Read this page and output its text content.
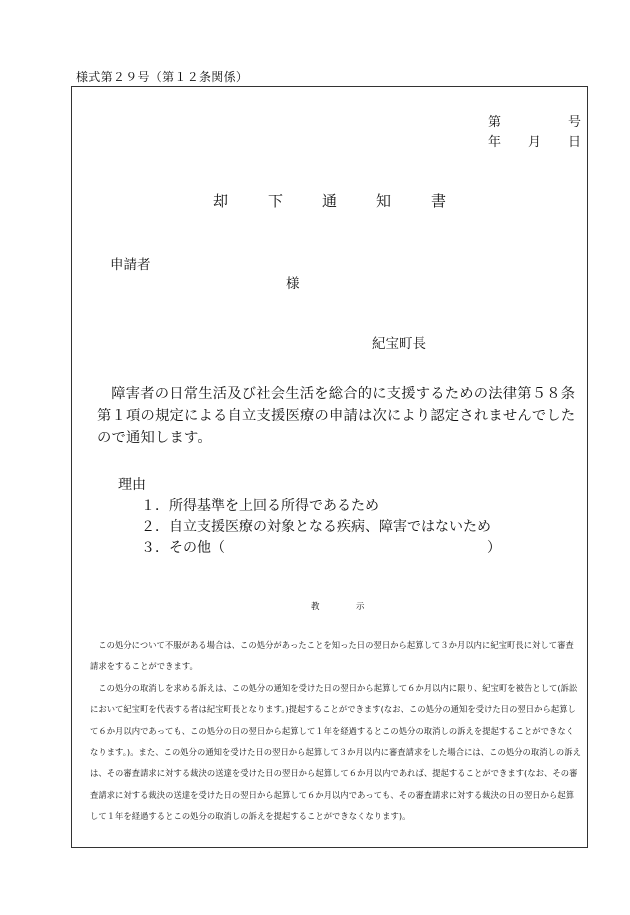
様式第２９号（第１２条関係）
第	号
年 月 日
却	下	通	知	書
申請者
様
紀宝町長
障害者の日常生活及び社会生活を総合的に支援するための法律第５８条第１項の規定による自立支援医療の申請は次により認定されませんでしたので通知します。
理由
１．所得基準を上回る所得であるため
２．自立支援医療の対象となる疾病、障害ではないため
３．その他（	）
教	示

この処分について不服がある場合は、この処分があったことを知った日の翌日から起算して３か月以内に紀宝町長に対して審査請求をすることができます。

この処分の取消しを求める訴えは、この処分の通知を受けた日の翌日から起算して６か月以内に限り、紀宝町を被告として(訴訟において紀宝町を代表する者は紀宝町長となります。)提起することができます(なお、この処分の通知を受けた日の翌日から起算して６か月以内であっても、この処分の日の翌日から起算して１年を経過するとこの処分の取消しの訴えを提起することができなくなります。)。また、この処分の通知を受けた日の翌日から起算して３か月以内に審査請求をした場合には、この処分の取消しの訴えは、その審査請求に対する裁決の送達を受けた日の翌日から起算して６か月以内であれば、提起することができます(なお、その審査請求に対する裁決の送達を受けた日の翌日から起算して６か月以内であっても、その審査請求に対する裁決の日の翌日から起算して１年を経過するとこの処分の取消しの訴えを提起することができなくなります)。
